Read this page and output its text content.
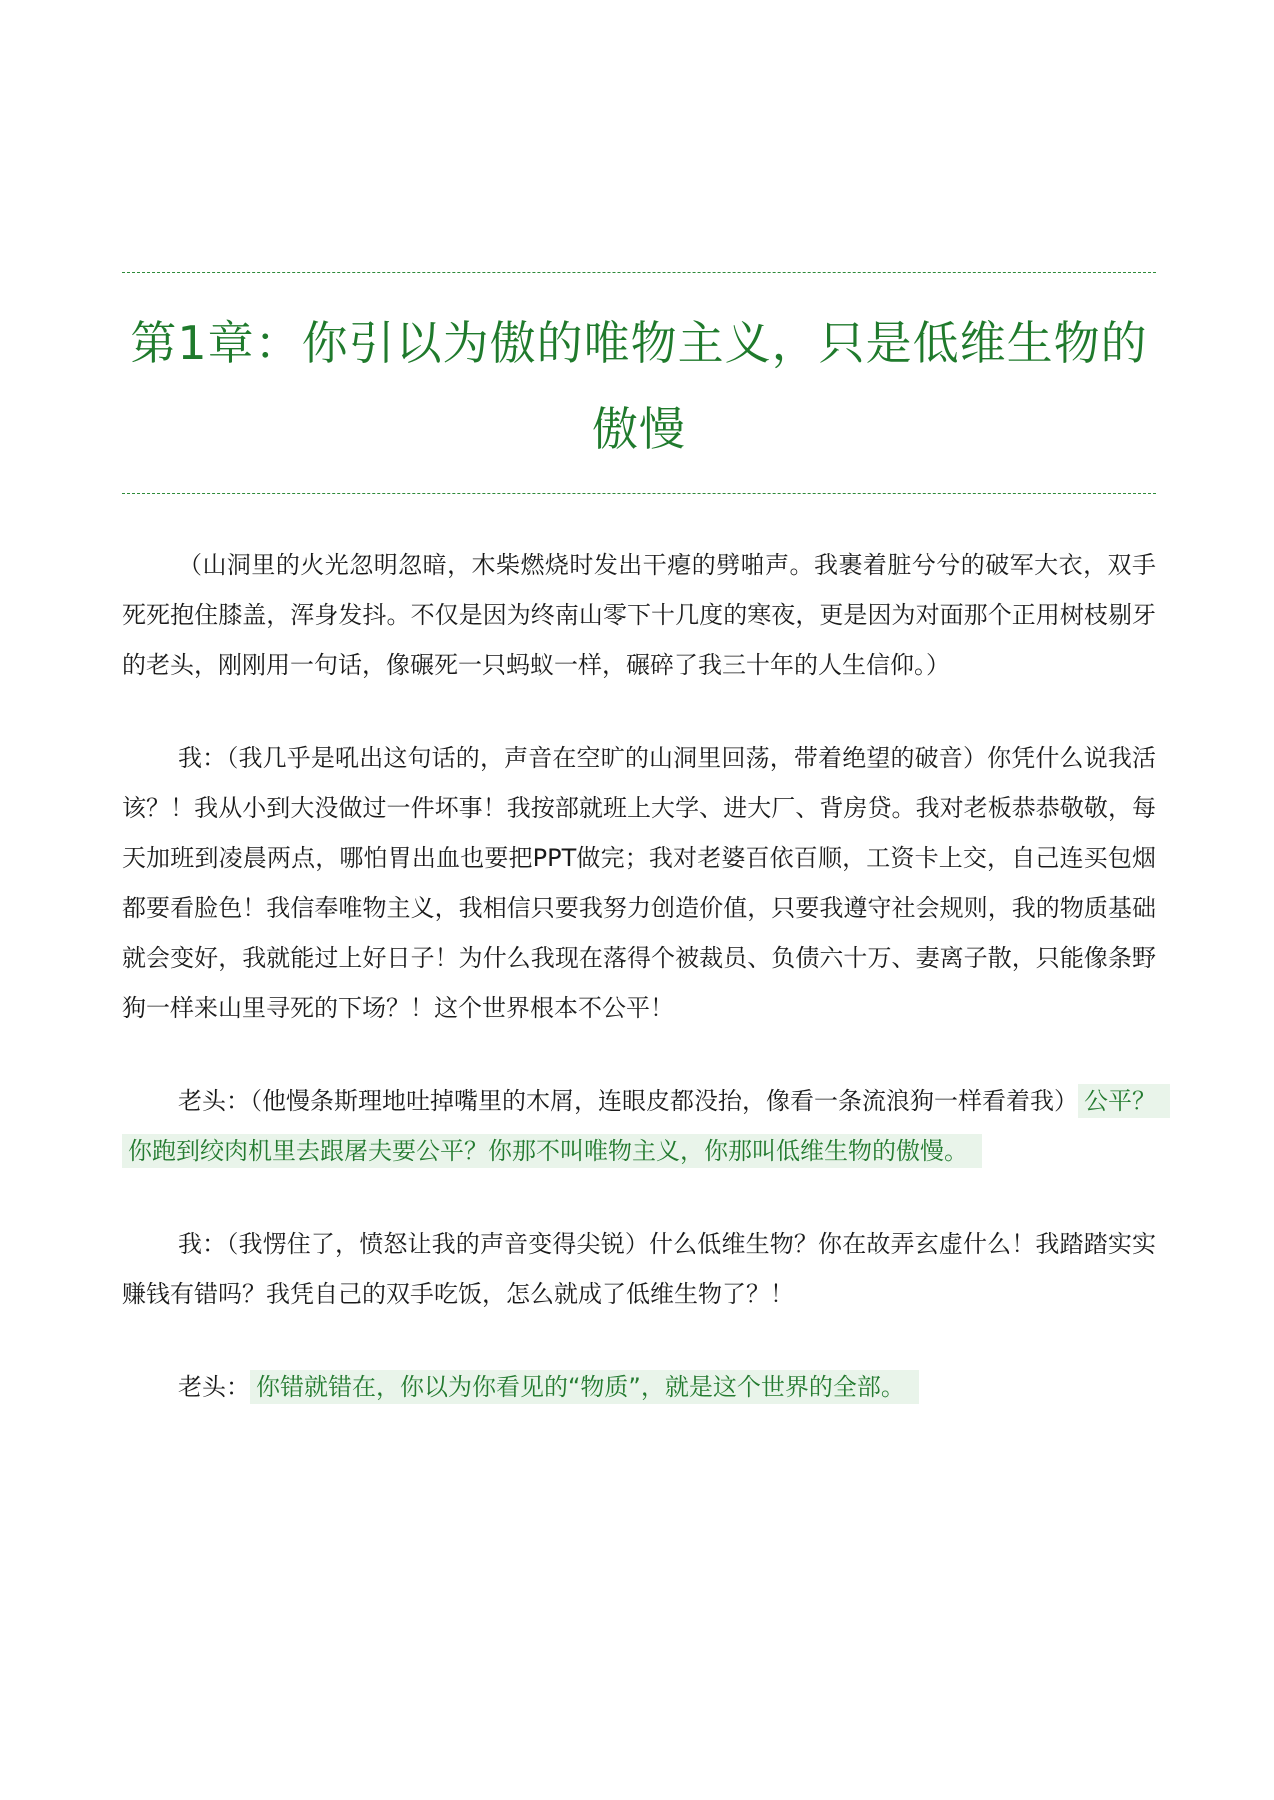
第1章：你引以为傲的唯物主义，只是低维生物的傲慢

（山洞里的火光忽明忽暗，木柴燃烧时发出干瘪的劈啪声。我裹着脏兮兮的破军大衣，双手死死抱住膝盖，浑身发抖。不仅是因为终南山零下十几度的寒夜，更是因为对面那个正用树枝剔牙的老头，刚刚用一句话，像碾死一只蚂蚁一样，碾碎了我三十年的人生信仰。）

我：（我几乎是吼出这句话的，声音在空旷的山洞里回荡，带着绝望的破音）你凭什么说我活该？！我从小到大没做过一件坏事！我按部就班上大学、进大厂、背房贷。我对老板恭恭敬敬，每天加班到凌晨两点，哪怕胃出血也要把PPT做完；我对老婆百依百顺，工资卡上交，自己连买包烟都要看脸色！我信奉唯物主义，我相信只要我努力创造价值，只要我遵守社会规则，我的物质基础就会变好，我就能过上好日子！为什么我现在落得个被裁员、负债六十万、妻离子散，只能像条野狗一样来山里寻死的下场？！这个世界根本不公平！

老头：（他慢条斯理地吐掉嘴里的木屑，连眼皮都没抬，像看一条流浪狗一样看着我） 公平？你跑到绞肉机里去跟屠夫要公平？你那不叫唯物主义，你那叫低维生物的傲慢。

我：（我愣住了，愤怒让我的声音变得尖锐）什么低维生物？你在故弄玄虚什么！我踏踏实实赚钱有错吗？我凭自己的双手吃饭，怎么就成了低维生物了？！

老头： 你错就错在，你以为你看见的“物质”，就是这个世界的全部。
